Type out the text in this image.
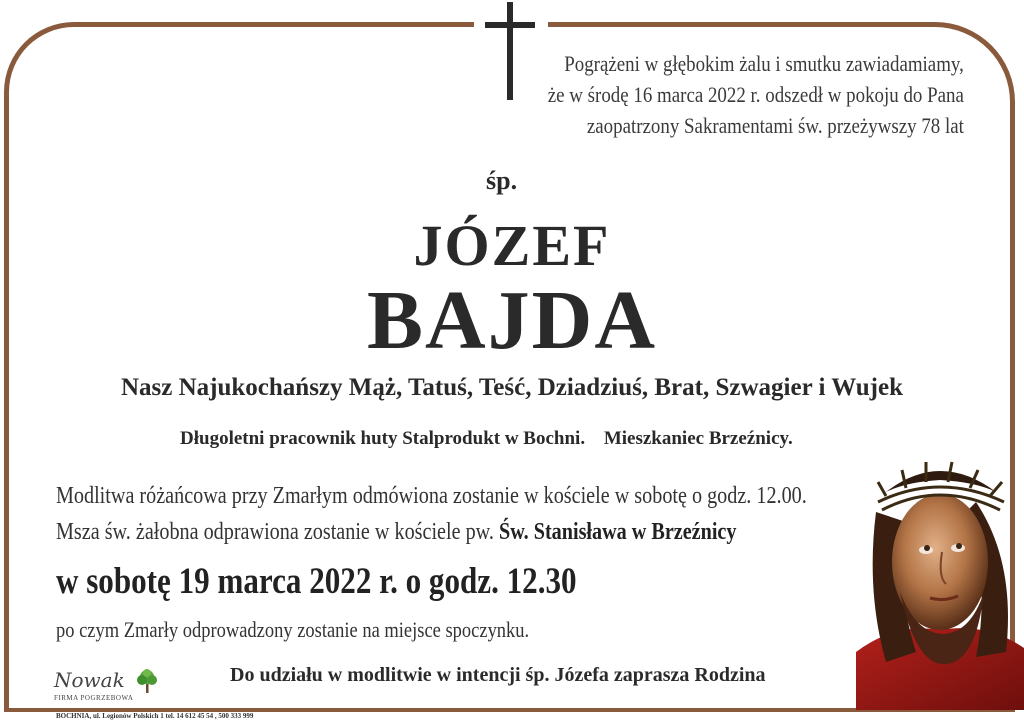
Pogrążeni w głębokim żalu i smutku zawiadamiamy,
że w środę 16 marca 2022 r. odszedł w pokoju do Pana
zaopatrzony Sakramentami św. przeżywszy 78 lat
śp.
JÓZEF
BAJDA
Nasz Najukochańszy Mąż, Tatuś, Teść, Dziadziuś, Brat, Szwagier i Wujek
Długoletni pracownik huty Stalprodukt w Bochni. Mieszkaniec Brzeźnicy.
Modlitwa różańcowa przy Zmarłym odmówiona zostanie w kościele w sobotę o godz. 12.00.
Msza św. żałobna odprawiona zostanie w kościele pw. Św. Stanisława w Brzeźnicy
w sobotę 19 marca 2022 r. o godz. 12.30
po czym Zmarły odprowadzony zostanie na miejsce spoczynku.
Do udziału w modlitwie w intencji śp. Józefa zaprasza Rodzina
Nowak
FIRMA POGRZEBOWA
BOCHNIA, ul. Legionów Polskich 1 tel. 14 612 45 54 , 500 333 999
